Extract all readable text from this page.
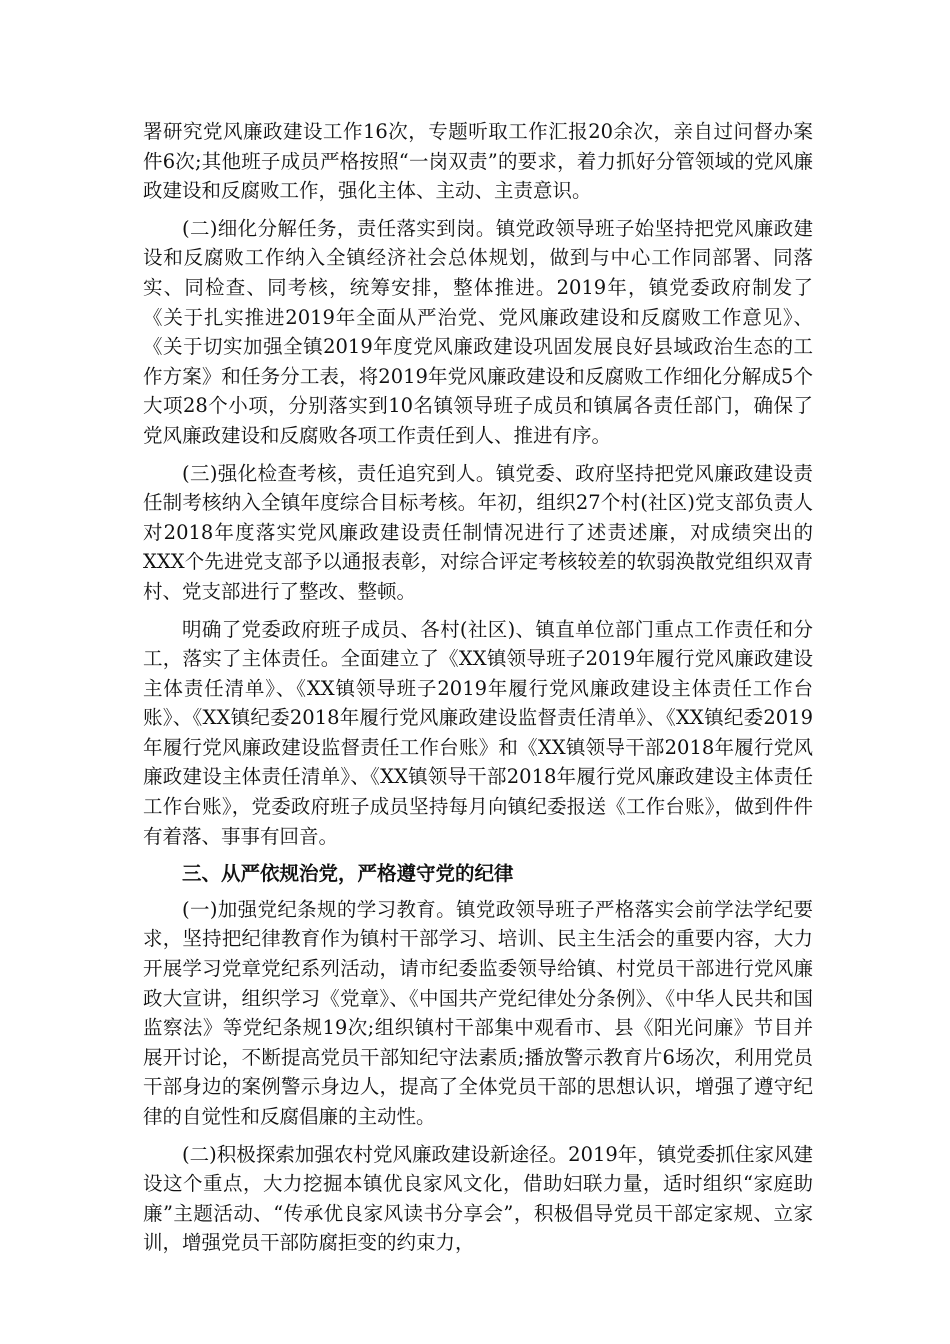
署研究党风廉政建设工作16次，专题听取工作汇报20余次，亲自过问督办案件6次;其他班子成员严格按照“一岗双责”的要求，着力抓好分管领域的党风廉政建设和反腐败工作，强化主体、主动、主责意识。

(二)细化分解任务，责任落实到岗。镇党政领导班子始坚持把党风廉政建设和反腐败工作纳入全镇经济社会总体规划，做到与中心工作同部署、同落实、同检查、同考核，统筹安排，整体推进。2019年，镇党委政府制发了《关于扎实推进2019年全面从严治党、党风廉政建设和反腐败工作意见》、《关于切实加强全镇2019年度党风廉政建设巩固发展良好县域政治生态的工作方案》和任务分工表，将2019年党风廉政建设和反腐败工作细化分解成5个大项28个小项，分别落实到10名镇领导班子成员和镇属各责任部门，确保了党风廉政建设和反腐败各项工作责任到人、推进有序。

(三)强化检查考核，责任追究到人。镇党委、政府坚持把党风廉政建设责任制考核纳入全镇年度综合目标考核。年初，组织27个村(社区)党支部负责人对2018年度落实党风廉政建设责任制情况进行了述责述廉，对成绩突出的XXX个先进党支部予以通报表彰，对综合评定考核较差的软弱涣散党组织双青村、党支部进行了整改、整顿。

明确了党委政府班子成员、各村(社区)、镇直单位部门重点工作责任和分工，落实了主体责任。全面建立了《XX镇领导班子2019年履行党风廉政建设主体责任清单》、《XX镇领导班子2019年履行党风廉政建设主体责任工作台账》、《XX镇纪委2018年履行党风廉政建设监督责任清单》、《XX镇纪委2019年履行党风廉政建设监督责任工作台账》和《XX镇领导干部2018年履行党风廉政建设主体责任清单》、《XX镇领导干部2018年履行党风廉政建设主体责任工作台账》，党委政府班子成员坚持每月向镇纪委报送《工作台账》，做到件件有着落、事事有回音。

三、从严依规治党，严格遵守党的纪律

(一)加强党纪条规的学习教育。镇党政领导班子严格落实会前学法学纪要求，坚持把纪律教育作为镇村干部学习、培训、民主生活会的重要内容，大力开展学习党章党纪系列活动，请市纪委监委领导给镇、村党员干部进行党风廉政大宣讲，组织学习《党章》、《中国共产党纪律处分条例》、《中华人民共和国监察法》等党纪条规19次;组织镇村干部集中观看市、县《阳光问廉》节目并展开讨论，不断提高党员干部知纪守法素质;播放警示教育片6场次，利用党员干部身边的案例警示身边人，提高了全体党员干部的思想认识，增强了遵守纪律的自觉性和反腐倡廉的主动性。

(二)积极探索加强农村党风廉政建设新途径。2019年，镇党委抓住家风建设这个重点，大力挖掘本镇优良家风文化，借助妇联力量，适时组织“家庭助廉”主题活动、“传承优良家风读书分享会”，积极倡导党员干部定家规、立家训，增强党员干部防腐拒变的约束力，
